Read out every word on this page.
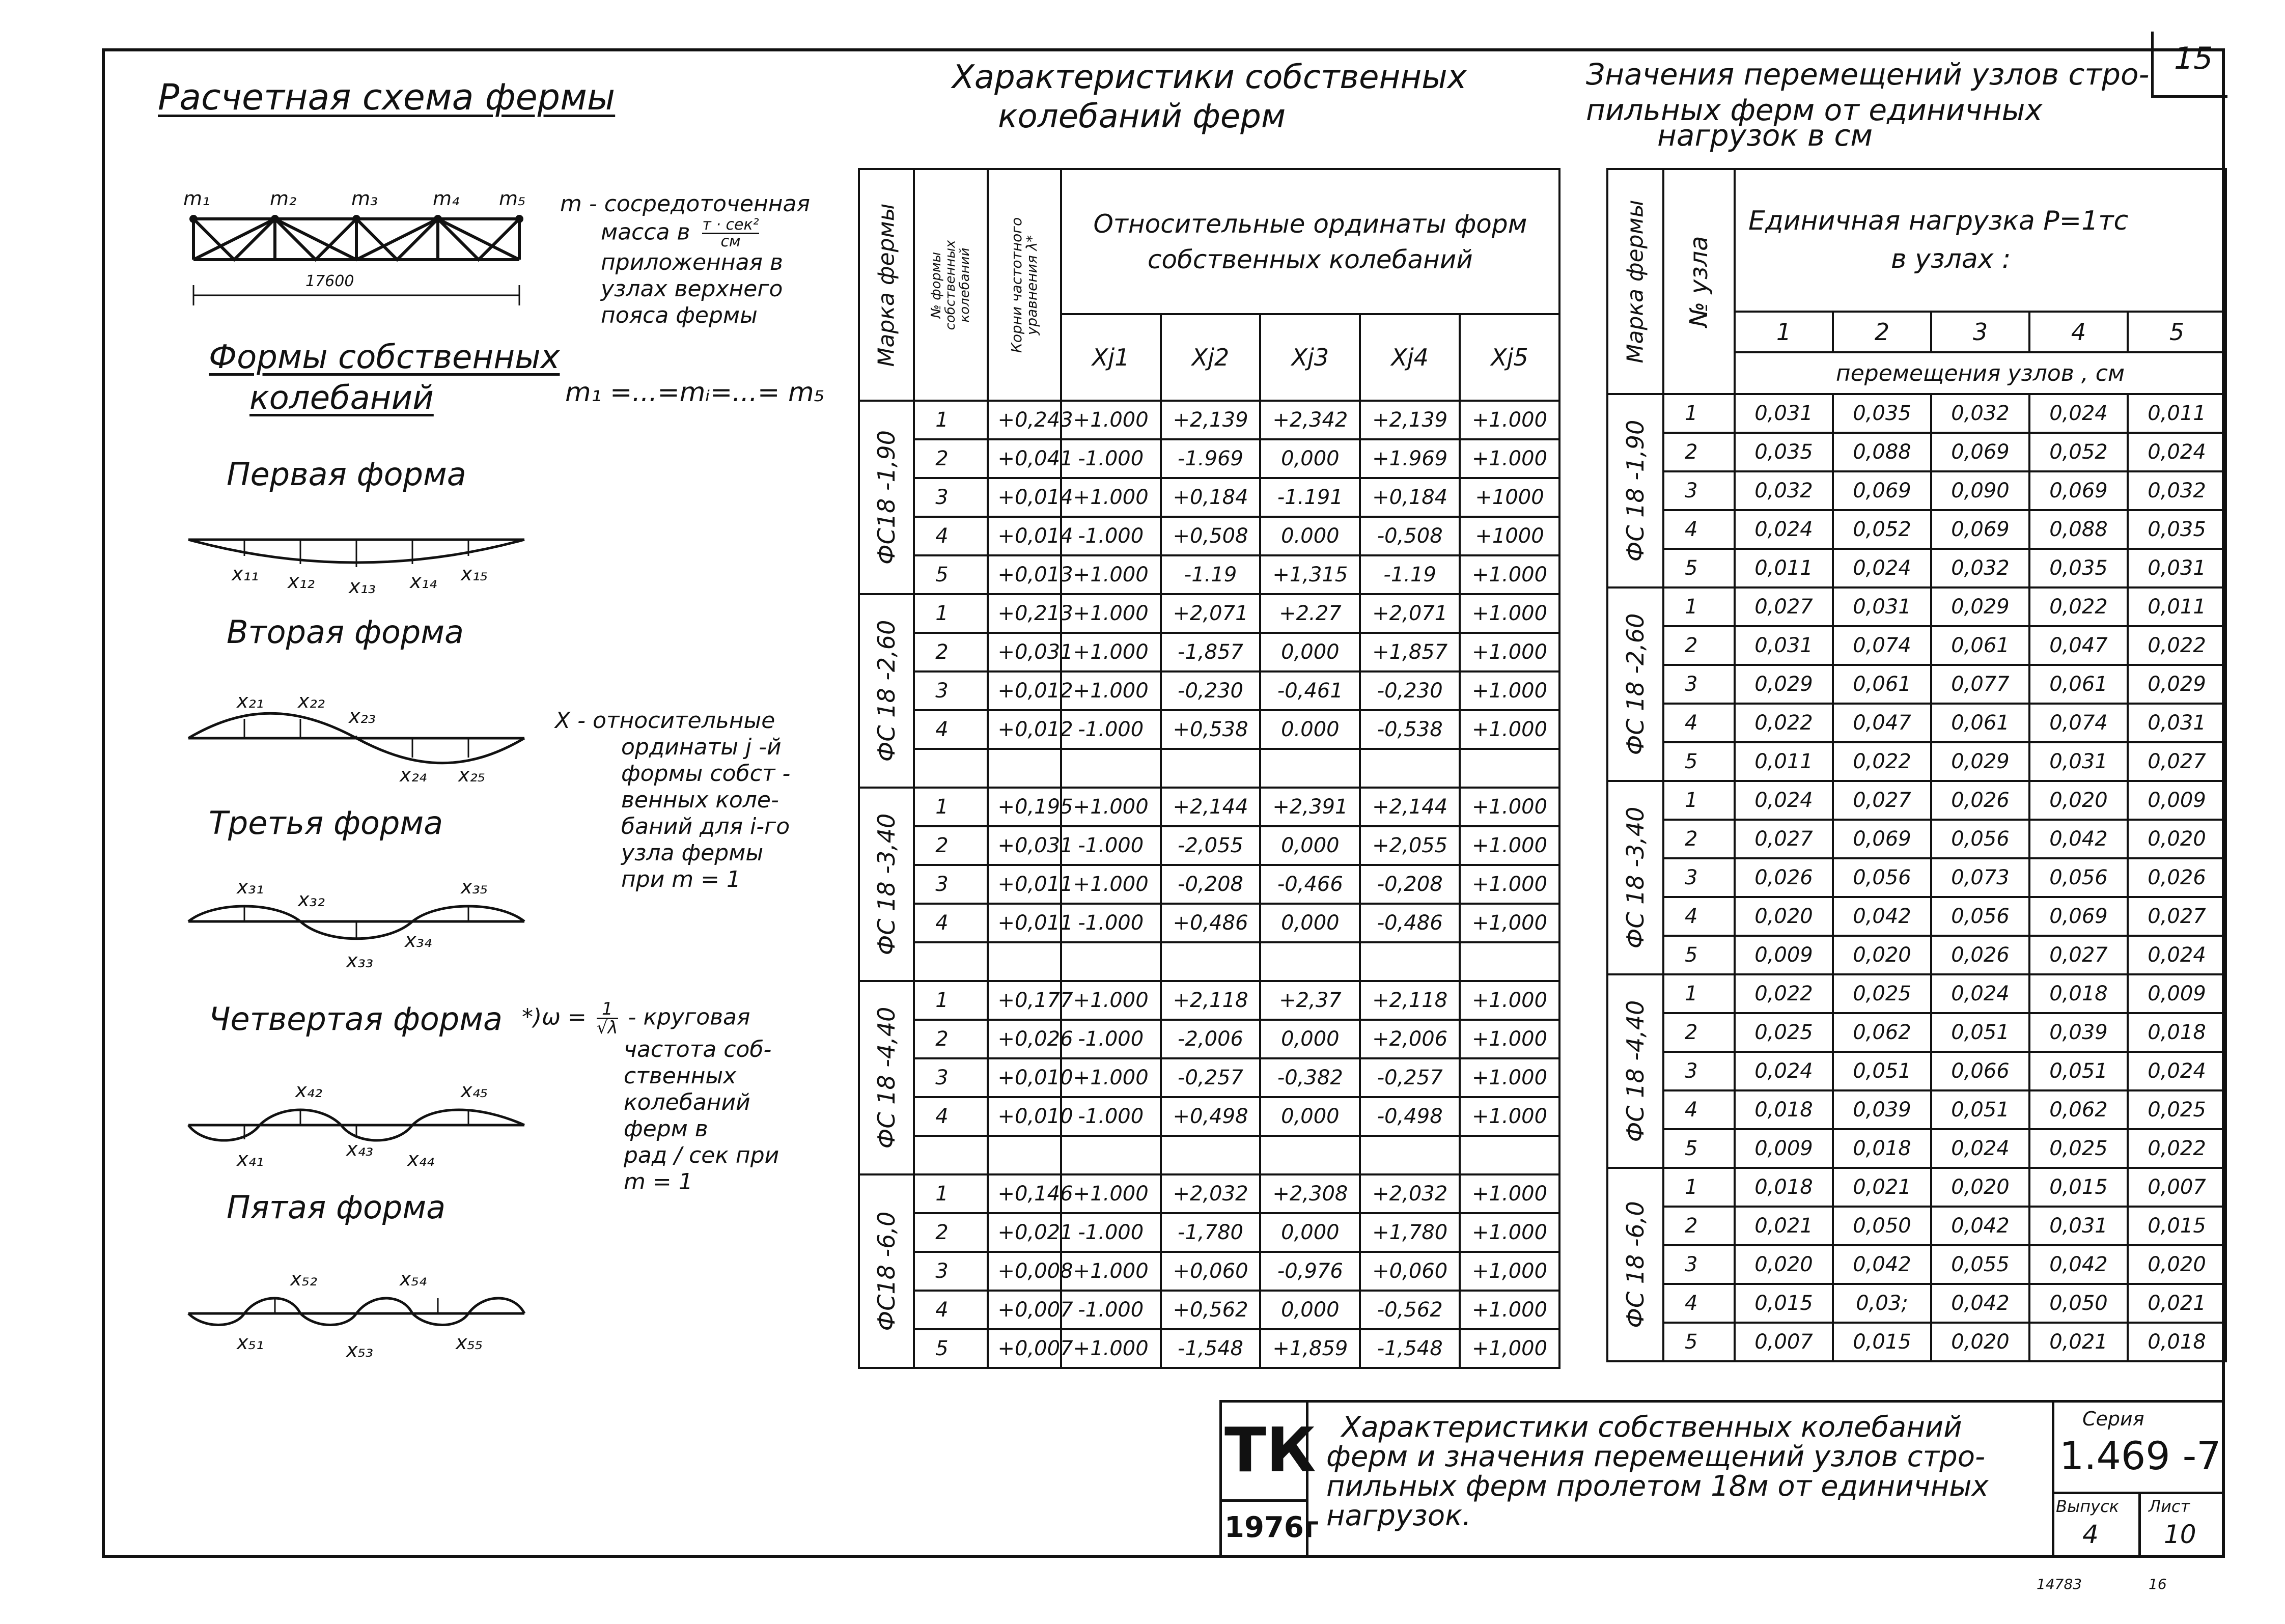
15
Расчетная схема фермы
m₁	m₂	m₃	m₄ m₅
17600
m - сосредоточенная
масса в т · сек²
см
приложенная в
узлах верхнего
пояса фермы
Формы собственных
колебаний	m₁ =...=mᵢ=...= m₅
Первая форма
Вторая форма
Третья форма
Четвертая форма
Пятая форма
x₁₁ x₁₂ x₁₃ x₁₄ x₁₅
x₂₁ x₂₂
x₂₃
x₂₄ x₂₅
x₃₁
x₃₂
x₃₃
x₃₄
x₃₅
x₄₁
x₄₂
x₄₃ x₄₄
x₄₅
x₅₁
x₅₂
x₅₃
x₅₄
x₅₅
X - относительные
ординаты j -й
формы собст -
венных коле-
баний для i-го
узла фермы
при m = 1
$*)\omega = \frac{1}{√\lambda}$ - круговая
частота соб-
ственных
колебаний
ферм в
рад / сек при
m = 1
Характеристики собственных
колебаний ферм
Марка фермы	№ формы собственных колебаний	Корни частотного уравнения λ*	Относительные ординаты форм собственных колебаний				
			Xj1	Xj2	Xj3	Xj4	Xj5

ФС18 -1,90	1	+0,243	+1.000	+2,139	+2,342	+2,139	+1.000
	2	+0,041	-1.000	-1.969	0,000	+1.969	+1.000
	3	+0,014	+1.000	+0,184	-1.191	+0,184	+1000
	4	+0,014	-1.000	+0,508	0.000	-0,508	+1000
	5	+0,013	+1.000	-1.19	+1,315	-1.19	+1.000

ФС 18 -2,60	1	+0,213	+1.000	+2,071	+2.27	+2,071	+1.000
	2	+0,031	+1.000	-1,857	0,000	+1,857	+1.000
	3	+0,012	+1.000	-0,230	-0,461	-0,230	+1.000
	4	+0,012	-1.000	+0,538	0.000	-0,538	+1.000

ФС 18 -3,40	1	+0,195	+1.000	+2,144	+2,391	+2,144	+1.000
	2	+0,031	-1.000	-2,055	0,000	+2,055	+1.000
	3	+0,011	+1.000	-0,208	-0,466	-0,208	+1.000
	4	+0,011	-1.000	+0,486	0,000	-0,486	+1,000

ФС 18 -4,40	1	+0,177	+1.000	+2,118	+2,37	+2,118	+1.000
	2	+0,026	-1.000	-2,006	0,000	+2,006	+1.000
	3	+0,010	+1.000	-0,257	-0,382	-0,257	+1.000
	4	+0,010	-1.000	+0,498	0,000	-0,498	+1.000

ФС18 -6,0	1	+0,146	+1.000	+2,032	+2,308	+2,032	+1.000
	2	+0,021	-1.000	-1,780	0,000	+1,780	+1.000
	3	+0,008	+1.000	+0,060	-0,976	+0,060	+1,000
	4	+0,007	-1.000	+0,562	0,000	-0,562	+1.000
	5	+0,007	+1.000	-1,548	+1,859	-1,548	+1,000
Значения перемещений узлов стро-
пильных ферм от единичных
нагрузок в см
Марка фермы	№ узла	Единичная нагрузка P=1тс
в узлах :				

		1	2	3	4	5
		перемещения узлов , см				

ФС 18 -1,90	1	0,031	0,035	0,032	0,024	0,011
	2	0,035	0,088	0,069	0,052	0,024
	3	0,032	0,069	0,090	0,069	0,032
	4	0,024	0,052	0,069	0,088	0,035
	5	0,011	0,024	0,032	0,035	0,031

ФС 18 -2,60	1	0,027	0,031	0,029	0,022	0,011
	2	0,031	0,074	0,061	0,047	0,022
	3	0,029	0,061	0,077	0,061	0,029
	4	0,022	0,047	0,061	0,074	0,031
	5	0,011	0,022	0,029	0,031	0,027

ФС 18 -3,40	1	0,024	0,027	0,026	0,020	0,009
	2	0,027	0,069	0,056	0,042	0,020
	3	0,026	0,056	0,073	0,056	0,026
	4	0,020	0,042	0,056	0,069	0,027
	5	0,009	0,020	0,026	0,027	0,024

ФС 18 -4,40	1	0,022	0,025	0,024	0,018	0,009
	2	0,025	0,062	0,051	0,039	0,018
	3	0,024	0,051	0,066	0,051	0,024
	4	0,018	0,039	0,051	0,062	0,025
	5	0,009	0,018	0,024	0,025	0,022

ФС 18 -6,0	1	0,018	0,021	0,020	0,015	0,007
	2	0,021	0,050	0,042	0,031	0,015
	3	0,020	0,042	0,055	0,042	0,020
	4	0,015	0,03;	0,042	0,050	0,021
	5	0,007	0,015	0,020	0,021	0,018
ТК
1976г
Характеристики собственных колебаний
ферм и значения перемещений узлов стро-
пильных ферм пролетом 18м от единичных
нагрузок.
Серия
1.469 -7
Выпуск
4
Лист
10
14783	16
